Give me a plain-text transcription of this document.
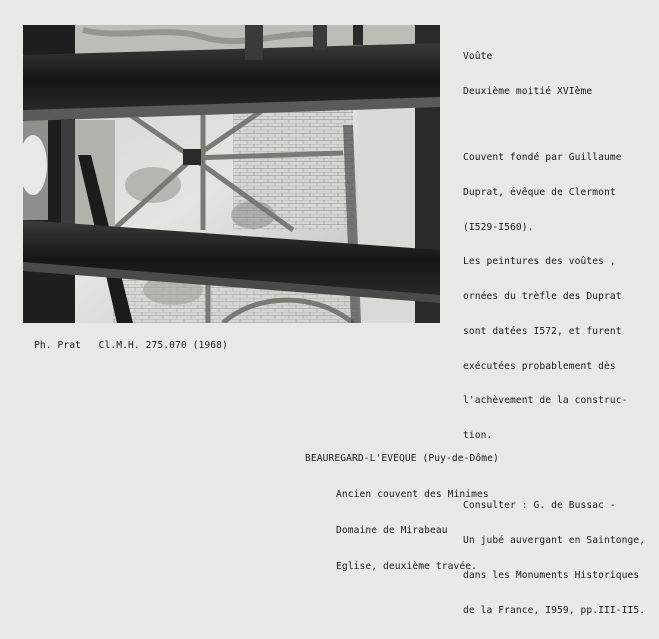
Voûte

Deuxième moitié XVIème

Couvent fondé par Guillaume

Duprat, évêque de Clermont

(I529-I560).

Les peintures des voûtes ,

ornées du trèfle des Duprat

sont datées I572, et furent

exécutées probablement dès

l'achèvement de la construc-

tion.

Consulter : G. de Bussac -

Un jubé auvergant en Saintonge,

dans les Monuments Historiques

de la France, I959, pp.III-II5.

Ph. Prat   Cl.M.H. 275.070 (1968)

BEAUREGARD-L'EVEQUE (Puy-de-Dôme)

Ancien couvent des Minimes

Domaine de Mirabeau

Eglise, deuxième travée.
